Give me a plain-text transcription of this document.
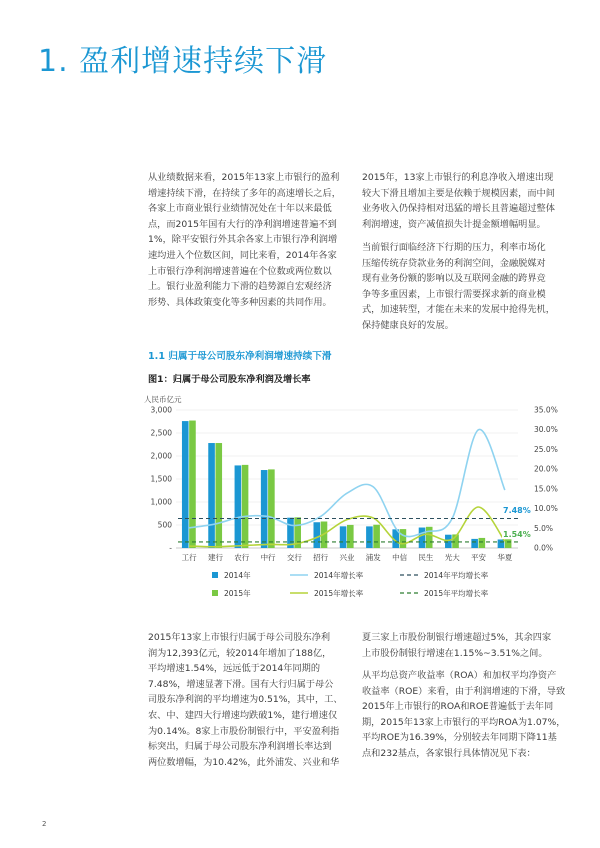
1. 盈利增速持续下滑
从业绩数据来看，2015年13家上市银行的盈利
增速持续下滑，在持续了多年的高速增长之后，
各家上市商业银行业绩情况处在十年以来最低
点，而2015年国有大行的净利润增速普遍不到
1%，除平安银行外其余各家上市银行净利润增
速均进入个位数区间，同比来看，2014年各家
上市银行净利润增速普遍在个位数或两位数以
上。银行业盈利能力下滑的趋势源自宏观经济
形势、具体政策变化等多种因素的共同作用。
2015年，13家上市银行的利息净收入增速出现
较大下滑且增加主要是依赖于规模因素，而中间
业务收入仍保持相对迅猛的增长且普遍超过整体
利润增速，资产减值损失计提金额增幅明显。
当前银行面临经济下行期的压力，利率市场化
压缩传统存贷款业务的利润空间，金融脱媒对
现有业务份额的影响以及互联网金融的跨界竞
争等多重因素，上市银行需要探求新的商业模
式，加速转型，才能在未来的发展中抢得先机，
保持健康良好的发展。
1.1 归属于母公司股东净利润增速持续下滑
图1：归属于母公司股东净利润及增长率
人民币亿元
-
500
1,000
1,500
2,000
2,500
3,000
0.0%
5.0%
10.0%
15.0%
20.0%
25.0%
30.0%
35.0%
7.48%
1.54%
工行 建行 农行 中行 交行 招行 兴业 浦发 中信 民生 光大 平安 华夏
2014年	2014年增长率	2014年平均增长率
2015年	2015年增长率	2015年平均增长率
2015年13家上市银行归属于母公司股东净利
润为12,393亿元，较2014年增加了188亿，
平均增速1.54%，远远低于2014年同期的
7.48%，增速显著下滑。国有大行归属于母公
司股东净利润的平均增速为0.51%，其中，工、
农、中、建四大行增速均跌破1%，建行增速仅
为0.14%。8家上市股份制银行中，平安盈利指
标突出，归属于母公司股东净利润增长率达到
两位数增幅，为10.42%，此外浦发、兴业和华
夏三家上市股份制银行增速超过5%，其余四家
上市股份制银行增速在1.15%~3.51%之间。
从平均总资产收益率（ROA）和加权平均净资产
收益率（ROE）来看，由于利润增速的下滑，导致
2015年上市银行的ROA和ROE普遍低于去年同
期，2015年13家上市银行的平均ROA为1.07%，
平均ROE为16.39%，分别较去年同期下降11基
点和232基点，各家银行具体情况见下表：
2
